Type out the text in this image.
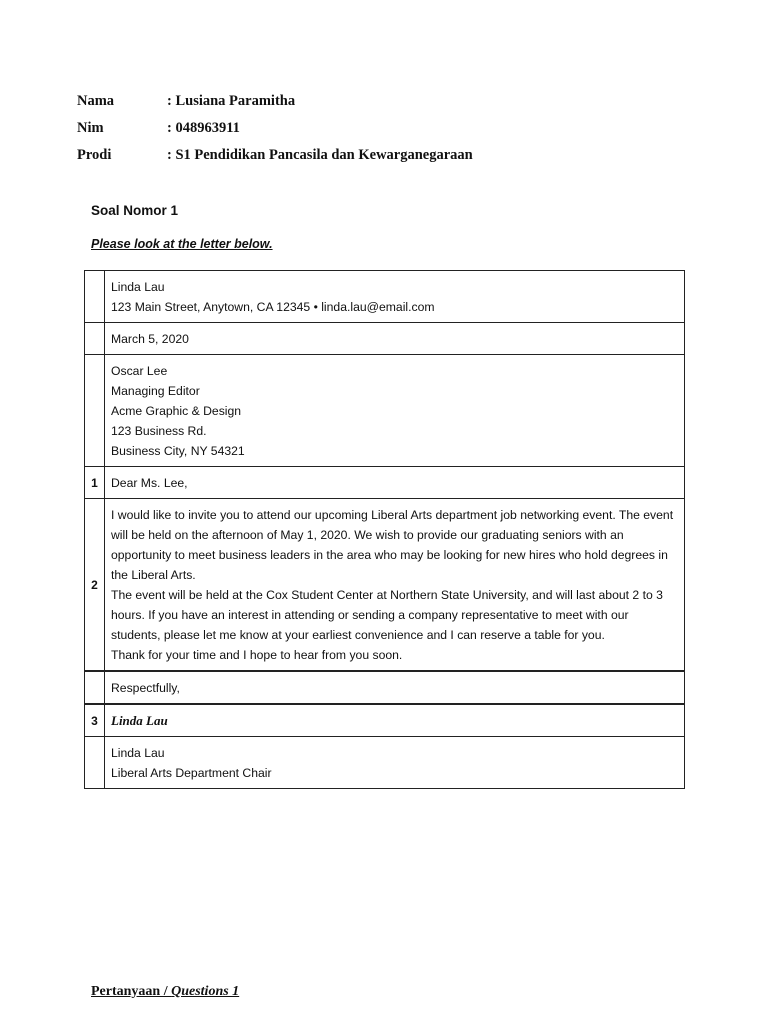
Nama	: Lusiana Paramitha
Nim	: 048963911
Prodi	: S1 Pendidikan Pancasila dan Kewarganegaraan
Soal Nomor 1
Please look at the letter below.

	Linda Lau
123 Main Street, Anytown, CA 12345 • linda.lau@email.com

	March 5, 2020

	Oscar Lee
Managing Editor
Acme Graphic & Design
123 Business Rd.
Business City, NY 54321

1	Dear Ms. Lee,

2	I would like to invite you to attend our upcoming Liberal Arts department job networking event. The event will be held on the afternoon of May 1, 2020. We wish to provide our graduating seniors with an opportunity to meet business leaders in the area who may be looking for new hires who hold degrees in the Liberal Arts.
The event will be held at the Cox Student Center at Northern State University, and will last about 2 to 3 hours. If you have an interest in attending or sending a company representative to meet with our students, please let me know at your earliest convenience and I can reserve a table for you.
Thank for your time and I hope to hear from you soon.

	Respectfully,

3	Linda Lau

	Linda Lau
Liberal Arts Department Chair
Pertanyaan / Questions 1
